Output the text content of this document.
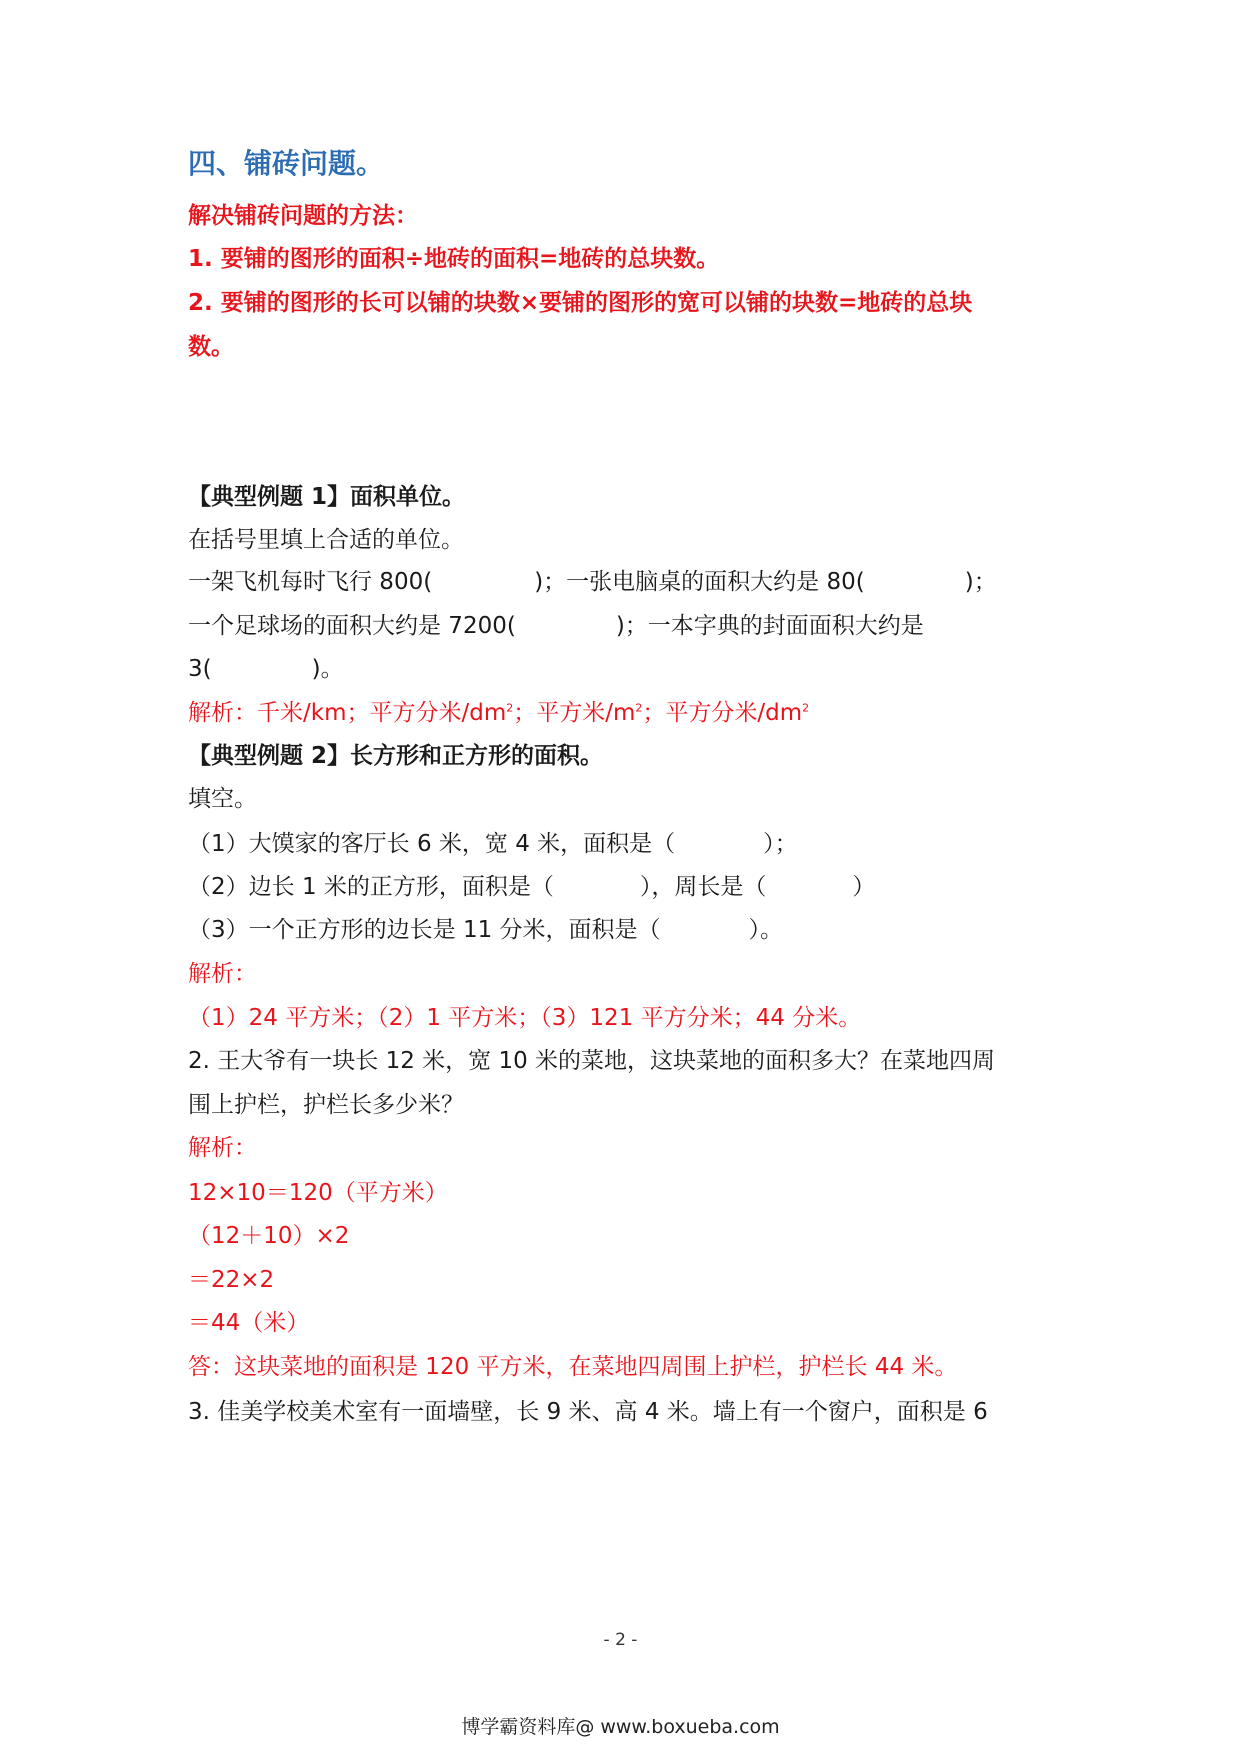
四、铺砖问题。
解决铺砖问题的方法：
1. 要铺的图形的面积÷地砖的面积=地砖的总块数。
2. 要铺的图形的长可以铺的块数×要铺的图形的宽可以铺的块数=地砖的总块
数。
【典型例题 1】面积单位。
在括号里填上合适的单位。
一架飞机每时飞行 800(	)；一张电脑桌的面积大约是 80(	)；
一个足球场的面积大约是 7200(	)；一本字典的封面面积大约是
3(	)。
解析：千米/km；平方分米$/dm^2$；平方米$/m^2$；平方分米$/dm^2$
【典型例题 2】长方形和正方形的面积。
填空。
（1）大馍家的客厅长 6 米，宽 4 米，面积是（	）；
（2）边长 1 米的正方形，面积是（	），周长是（	）
（3）一个正方形的边长是 11 分米，面积是（	）。
解析：
（1）24 平方米；（2）1 平方米；（3）121 平方分米；44 分米。
2. 王大爷有一块长 12 米，宽 10 米的菜地，这块菜地的面积多大？在菜地四周
围上护栏，护栏长多少米？
解析：
12×10＝120（平方米）
（12＋10）×2
＝22×2
＝44（米）
答：这块菜地的面积是 120 平方米，在菜地四周围上护栏，护栏长 44 米。
3. 佳美学校美术室有一面墙壁，长 9 米、高 4 米。墙上有一个窗户，面积是 6
- 2 -
博学霸资料库@ www.boxueba.com
